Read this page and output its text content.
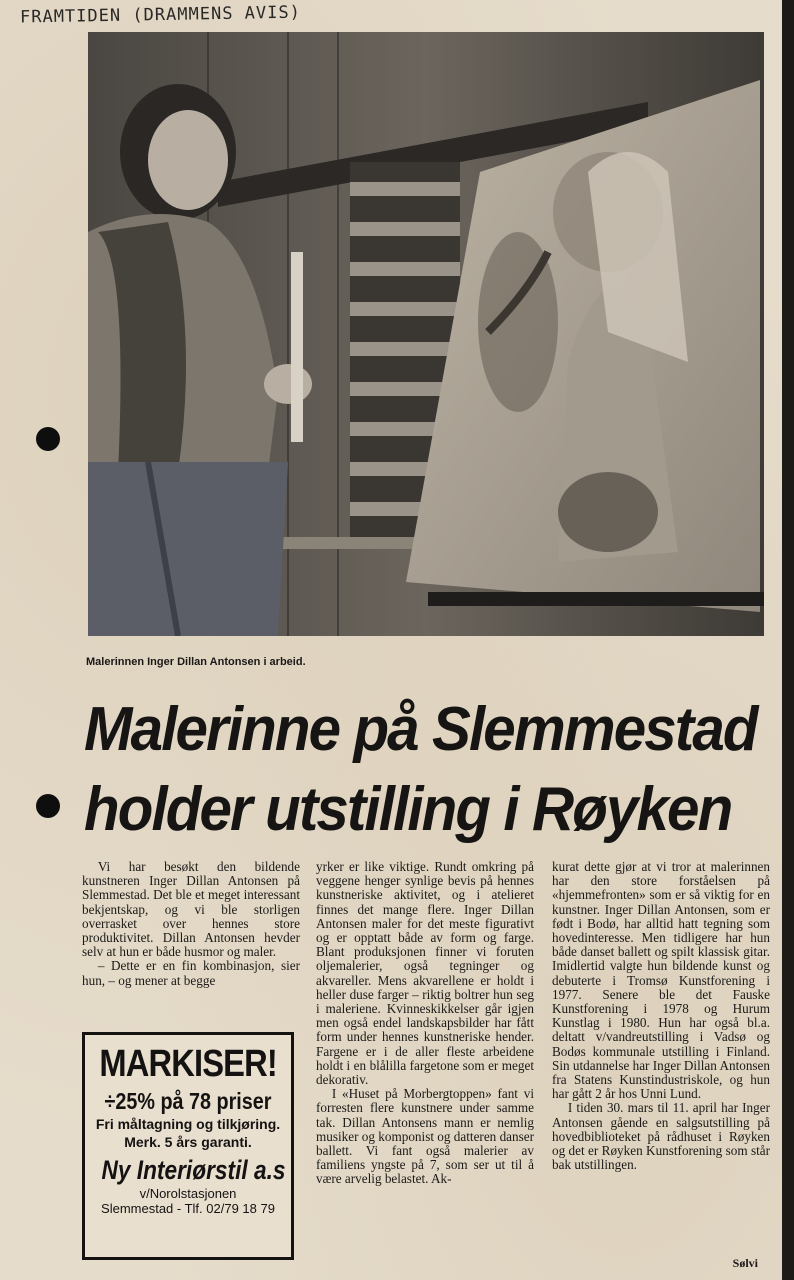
FRAMTIDEN (DRAMMENS AVIS)
Malerinnen Inger Dillan Antonsen i arbeid.
Malerinne på Slemmestad
holder utstilling i Røyken

Vi har besøkt den bildende kunstneren Inger Dillan Antonsen på Slemmestad. Det ble et meget interessant bekjentskap, og vi ble storligen overrasket over hennes store produktivitet. Dillan Antonsen hevder selv at hun er både husmor og maler.

– Dette er en fin kombinasjon, sier hun, – og mener at begge

yrker er like viktige. Rundt omkring på veggene henger synlige bevis på hennes kunstneriske aktivitet, og i atelieret finnes det mange flere. Inger Dillan Antonsen maler for det meste figurativt og er opptatt både av form og farge. Blant produksjonen finner vi foruten oljemalerier, også tegninger og akvareller. Mens akvarellene er holdt i heller duse farger – riktig boltrer hun seg i maleriene. Kvinneskikkelser går igjen men også endel landskapsbilder har fått form under hennes kunstneriske hender. Fargene er i de aller fleste arbeidene holdt i en blålilla fargetone som er meget dekorativ.

I «Huset på Morbergtoppen» fant vi forresten flere kunstnere under samme tak. Dillan Antonsens mann er nemlig musiker og komponist og datteren danser ballett. Vi fant også malerier av familiens yngste på 7, som ser ut til å være arvelig belastet. Ak-

kurat dette gjør at vi tror at malerinnen har den store forståelsen på «hjemmefronten» som er så viktig for en kunstner. Inger Dillan Antonsen, som er født i Bodø, har alltid hatt tegning som hovedinteresse. Men tidligere har hun både danset ballett og spilt klassisk gitar. Imidlertid valgte hun bildende kunst og debuterte i Tromsø Kunstforening i 1977. Senere ble det Fauske Kunstforening i 1978 og Hurum Kunstlag i 1980. Hun har også bl.a. deltatt v/vandreutstilling i Vadsø og Bodøs kommunale utstilling i Finland. Sin utdannelse har Inger Dillan Antonsen fra Statens Kunstindustriskole, og hun har gått 2 år hos Unni Lund.

I tiden 30. mars til 11. april har Inger Antonsen gående en salgsutstilling på hovedbiblioteket på rådhuset i Røyken og det er Røyken Kunstforening som står bak utstillingen.

Sølvi
MARKISER!
÷25% på 78 priser
Fri måltagning og tilkjøring.
Merk. 5 års garanti.
Ny Interiørstil a.s
v/Norolstasjonen
Slemmestad - Tlf. 02/79 18 79
